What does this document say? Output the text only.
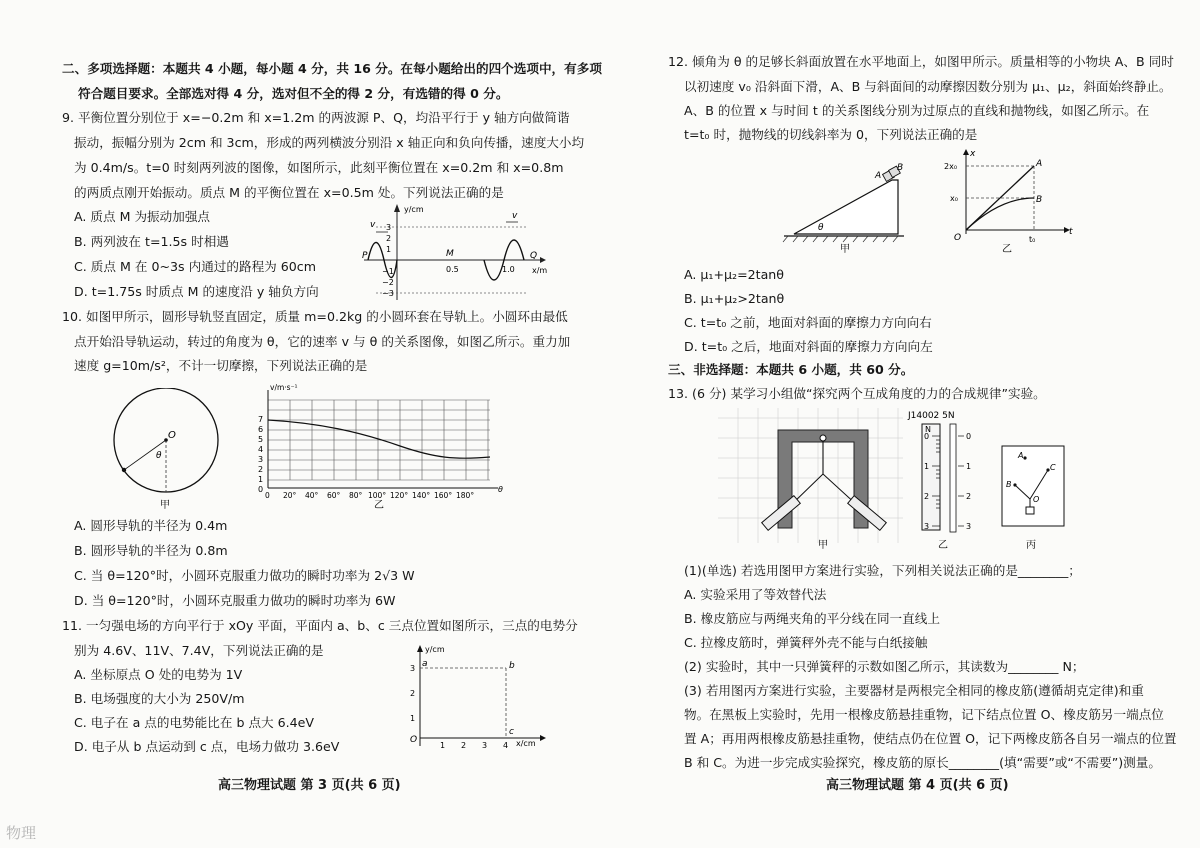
二、多项选择题：本题共 4 小题，每小题 4 分，共 16 分。在每小题给出的四个选项中，有多项
符合题目要求。全部选对得 4 分，选对但不全的得 2 分，有选错的得 0 分。
9. 平衡位置分别位于 x=−0.2m 和 x=1.2m 的两波源 P、Q，均沿平行于 y 轴方向做简谐
振动，振幅分别为 2cm 和 3cm，形成的两列横波分别沿 x 轴正向和负向传播，速度大小均
为 0.4m/s。t=0 时刻两列波的图像，如图所示，此刻平衡位置在 x=0.2m 和 x=0.8m
的两质点刚开始振动。质点 M 的平衡位置在 x=0.5m 处。下列说法正确的是
A. 质点 M 为振动加强点
B. 两列波在 t=1.5s 时相遇
C. 质点 M 在 0~3s 内通过的路程为 60cm
D. t=1.75s 时质点 M 的速度沿 y 轴负方向
10. 如图甲所示，圆形导轨竖直固定，质量 m=0.2kg 的小圆环套在导轨上。小圆环由最低
点开始沿导轨运动，转过的角度为 θ，它的速率 v 与 θ 的关系图像，如图乙所示。重力加
速度 g=10m/s²，不计一切摩擦，下列说法正确的是
A. 圆形导轨的半径为 0.4m
B. 圆形导轨的半径为 0.8m
C. 当 θ=120°时，小圆环克服重力做功的瞬时功率为 2√3 W
D. 当 θ=120°时，小圆环克服重力做功的瞬时功率为 6W
11. 一匀强电场的方向平行于 xOy 平面，平面内 a、b、c 三点位置如图所示，三点的电势分
别为 4.6V、11V、7.4V，下列说法正确的是
A. 坐标原点 O 处的电势为 1V
B. 电场强度的大小为 250V/m
C. 电子在 a 点的电势能比在 b 点大 6.4eV
D. 电子从 b 点运动到 c 点，电场力做功 3.6eV
高三物理试题 第 3 页(共 6 页)
y/cm
x/m
3
2
1
−1
−2
−3
0.5	1.0
P	Q
M
v
v
O
θ
甲
v/m·s⁻¹
θ
0
1
2
3
4
5
6
7
0 20° 40° 60° 80° 100° 120° 140° 160° 180°
乙
y/cm
x/cm
O
1
2
3
1 2 3 4
a	b
c
12. 倾角为 θ 的足够长斜面放置在水平地面上，如图甲所示。质量相等的小物块 A、B 同时
以初速度 v₀ 沿斜面下滑，A、B 与斜面间的动摩擦因数分别为 μ₁、μ₂，斜面始终静止。
A、B 的位置 x 与时间 t 的关系图线分别为过原点的直线和抛物线，如图乙所示。在
t=t₀ 时，抛物线的切线斜率为 0，下列说法正确的是
A. μ₁+μ₂=2tanθ
B. μ₁+μ₂>2tanθ
C. t=t₀ 之前，地面对斜面的摩擦力方向向右
D. t=t₀ 之后，地面对斜面的摩擦力方向向左
三、非选择题：本题共 6 小题，共 60 分。
13. (6 分) 某学习小组做“探究两个互成角度的力的合成规律”实验。
(1)(单选) 若选用图甲方案进行实验，下列相关说法正确的是________；
A. 实验采用了等效替代法
B. 橡皮筋应与两绳夹角的平分线在同一直线上
C. 拉橡皮筋时，弹簧秤外壳不能与白纸接触
(2) 实验时，其中一只弹簧秤的示数如图乙所示，其读数为________ N；
(3) 若用图丙方案进行实验，主要器材是两根完全相同的橡皮筋(遵循胡克定律)和重
物。在黑板上实验时，先用一根橡皮筋悬挂重物，记下结点位置 O、橡皮筋另一端点位
置 A；再用两根橡皮筋悬挂重物，使结点仍在位置 O，记下两橡皮筋各自另一端点的位置
B 和 C。为进一步完成实验探究，橡皮筋的原长________(填“需要”或“不需要”)测量。
高三物理试题 第 4 页(共 6 页)
A
B
θ
甲
x
t
O
2x₀
x₀
t₀
A
B
乙
甲
J14002 5N
N
0
1
2
3
0
1
2
3
乙
A
B
C
O
丙
物理
